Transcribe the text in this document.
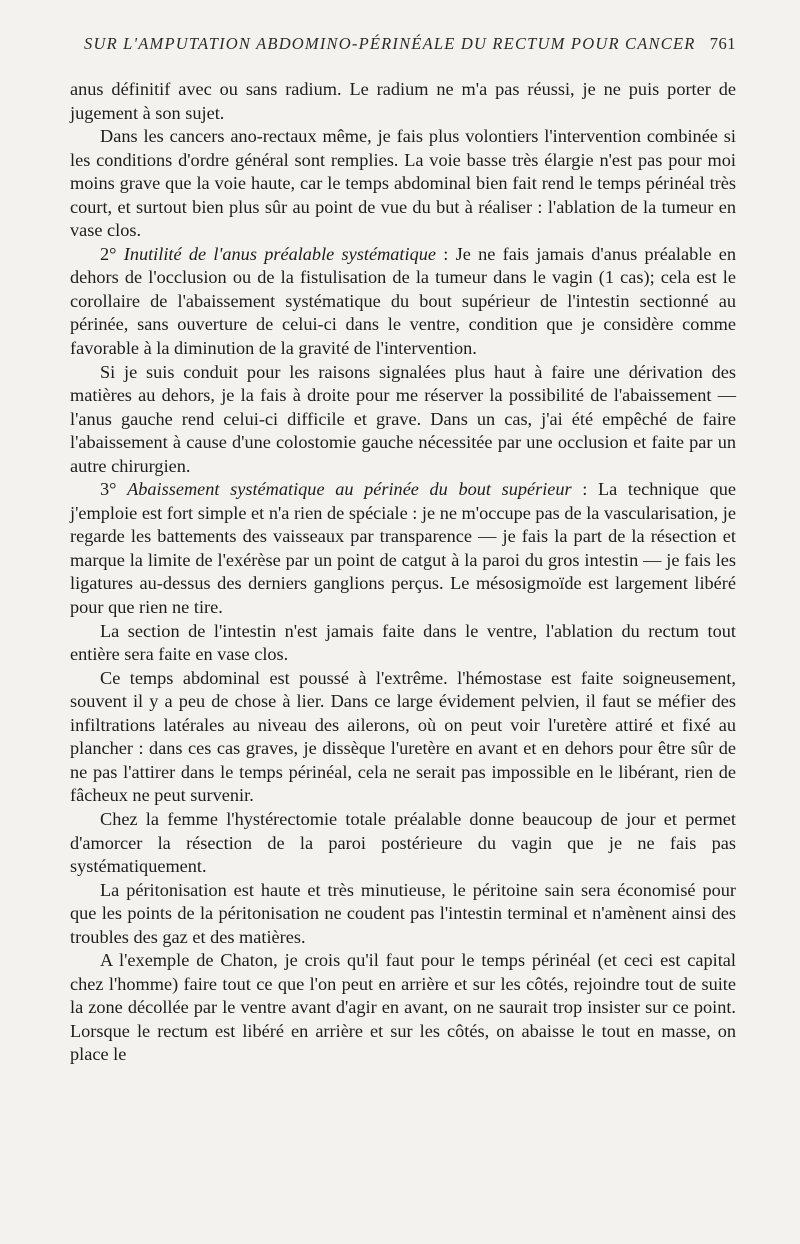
SUR L'AMPUTATION ABDOMINO-PÉRINÉALE DU RECTUM POUR CANCER 761

anus définitif avec ou sans radium. Le radium ne m'a pas réussi, je ne puis porter de jugement à son sujet.

Dans les cancers ano-rectaux même, je fais plus volontiers l'intervention combinée si les conditions d'ordre général sont remplies. La voie basse très élargie n'est pas pour moi moins grave que la voie haute, car le temps abdominal bien fait rend le temps périnéal très court, et surtout bien plus sûr au point de vue du but à réaliser : l'ablation de la tumeur en vase clos.

2° Inutilité de l'anus préalable systématique : Je ne fais jamais d'anus préalable en dehors de l'occlusion ou de la fistulisation de la tumeur dans le vagin (1 cas); cela est le corollaire de l'abaissement systématique du bout supérieur de l'intestin sectionné au périnée, sans ouverture de celui-ci dans le ventre, condition que je considère comme favorable à la diminution de la gravité de l'intervention.

Si je suis conduit pour les raisons signalées plus haut à faire une dérivation des matières au dehors, je la fais à droite pour me réserver la possibilité de l'abaissement — l'anus gauche rend celui-ci difficile et grave. Dans un cas, j'ai été empêché de faire l'abaissement à cause d'une colostomie gauche nécessitée par une occlusion et faite par un autre chirurgien.

3° Abaissement systématique au périnée du bout supérieur : La technique que j'emploie est fort simple et n'a rien de spéciale : je ne m'occupe pas de la vascularisation, je regarde les battements des vaisseaux par transparence — je fais la part de la résection et marque la limite de l'exérèse par un point de catgut à la paroi du gros intestin — je fais les ligatures au-dessus des derniers ganglions perçus. Le mésosigmoïde est largement libéré pour que rien ne tire.

La section de l'intestin n'est jamais faite dans le ventre, l'ablation du rectum tout entière sera faite en vase clos.

Ce temps abdominal est poussé à l'extrême. l'hémostase est faite soigneusement, souvent il y a peu de chose à lier. Dans ce large évidement pelvien, il faut se méfier des infiltrations latérales au niveau des ailerons, où on peut voir l'uretère attiré et fixé au plancher : dans ces cas graves, je dissèque l'uretère en avant et en dehors pour être sûr de ne pas l'attirer dans le temps périnéal, cela ne serait pas impossible en le libérant, rien de fâcheux ne peut survenir.

Chez la femme l'hystérectomie totale préalable donne beaucoup de jour et permet d'amorcer la résection de la paroi postérieure du vagin que je ne fais pas systématiquement.

La péritonisation est haute et très minutieuse, le péritoine sain sera économisé pour que les points de la péritonisation ne coudent pas l'intestin terminal et n'amènent ainsi des troubles des gaz et des matières.

A l'exemple de Chaton, je crois qu'il faut pour le temps périnéal (et ceci est capital chez l'homme) faire tout ce que l'on peut en arrière et sur les côtés, rejoindre tout de suite la zone décollée par le ventre avant d'agir en avant, on ne saurait trop insister sur ce point. Lorsque le rectum est libéré en arrière et sur les côtés, on abaisse le tout en masse, on place le
